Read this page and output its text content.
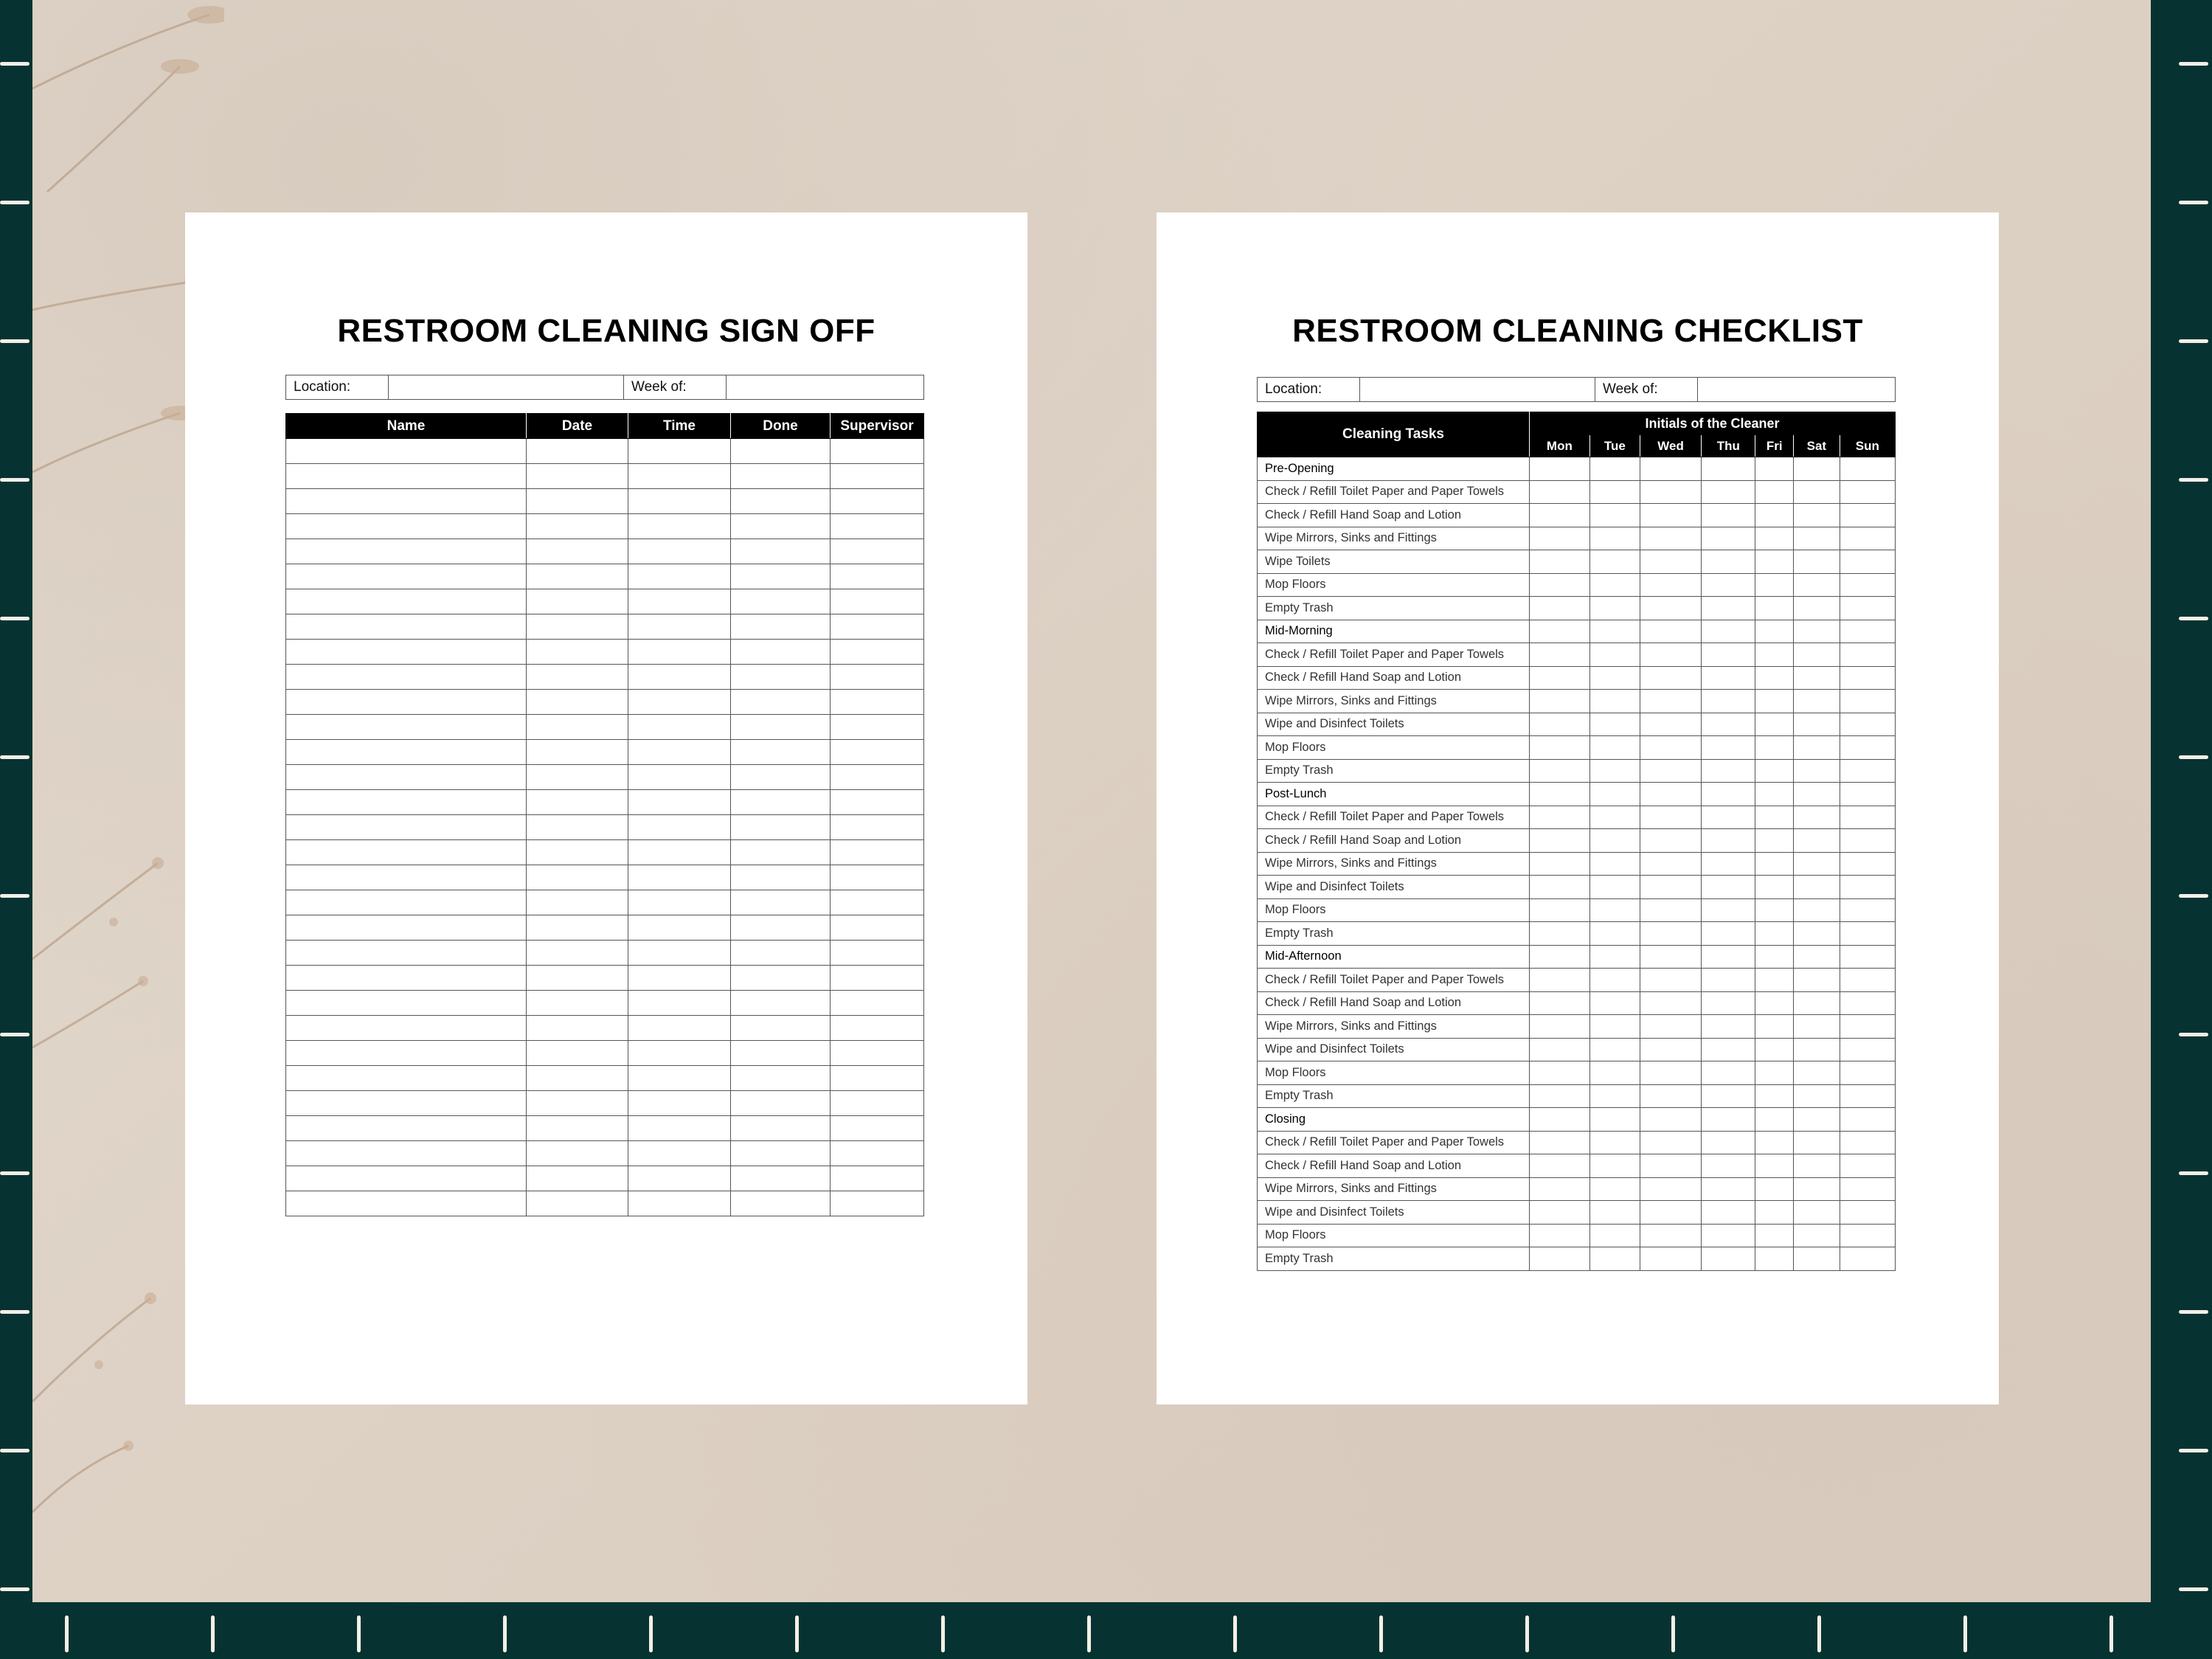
RESTROOM CLEANING SIGN OFF
Location:		Week of:	
Name	Date	Time	Done	Supervisor

RESTROOM CLEANING CHECKLIST
Location:		Week of:	
Cleaning Tasks	Initials of the Cleaner						
	Mon	Tue	Wed	Thu	Fri	Sat	Sun
Pre-Opening							
Check / Refill Toilet Paper and Paper Towels							
Check / Refill Hand Soap and Lotion							
Wipe Mirrors, Sinks and Fittings							
Wipe Toilets							
Mop Floors							
Empty Trash							
Mid-Morning							
Check / Refill Toilet Paper and Paper Towels							
Check / Refill Hand Soap and Lotion							
Wipe Mirrors, Sinks and Fittings							
Wipe and Disinfect Toilets							
Mop Floors							
Empty Trash							
Post-Lunch							
Check / Refill Toilet Paper and Paper Towels							
Check / Refill Hand Soap and Lotion							
Wipe Mirrors, Sinks and Fittings							
Wipe and Disinfect Toilets							
Mop Floors							
Empty Trash							
Mid-Afternoon							
Check / Refill Toilet Paper and Paper Towels							
Check / Refill Hand Soap and Lotion							
Wipe Mirrors, Sinks and Fittings							
Wipe and Disinfect Toilets							
Mop Floors							
Empty Trash							
Closing							
Check / Refill Toilet Paper and Paper Towels							
Check / Refill Hand Soap and Lotion							
Wipe Mirrors, Sinks and Fittings							
Wipe and Disinfect Toilets							
Mop Floors							
Empty Trash							
